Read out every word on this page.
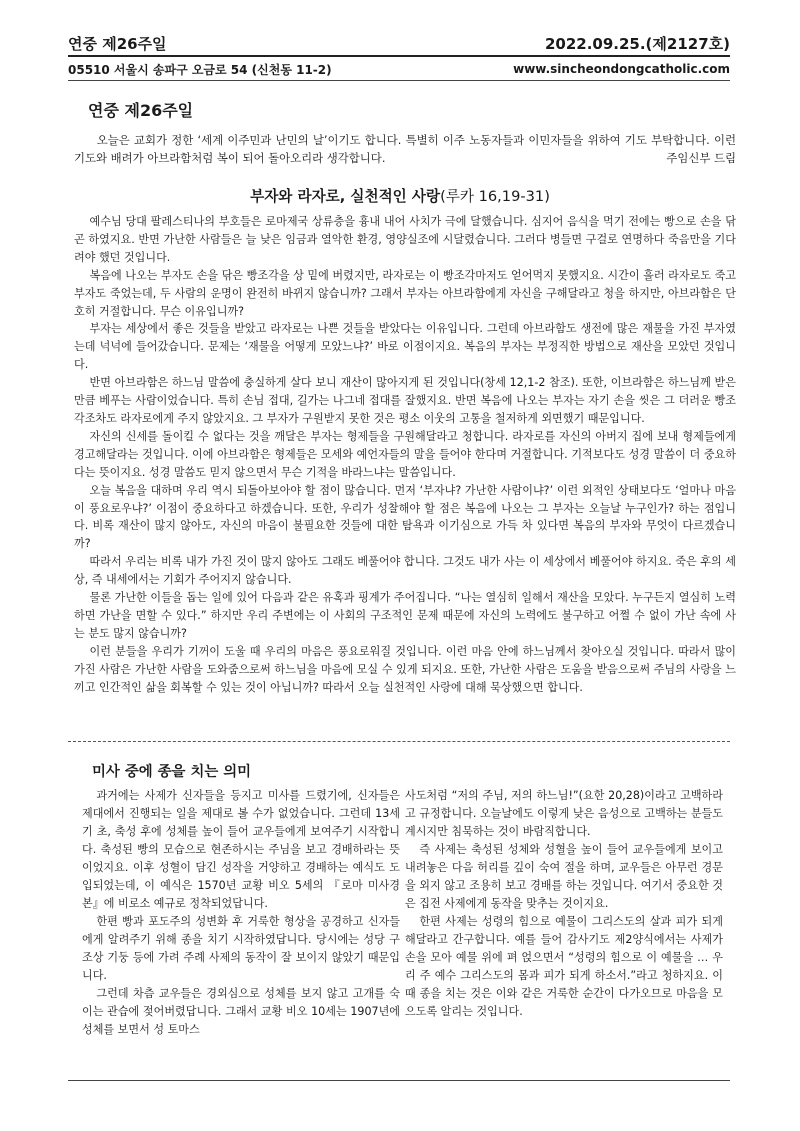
연중 제26주일	2022.09.25.(제2127호)
05510 서울시 송파구 오금로 54 (신천동 11-2)	www.sincheondongcatholic.com
연중 제26주일

오늘은 교회가 정한 ‘세계 이주민과 난민의 날’이기도 합니다. 특별히 이주 노동자들과 이민자들을 위하여 기도 부탁합니다. 이런 기도와 배려가 아브라함처럼 복이 되어 돌아오리라 생각합니다.	주임신부 드림

부자와 라자로, 실천적인 사랑(루카 16,19-31)

예수님 당대 팔레스티나의 부호들은 로마제국 상류층을 흉내 내어 사치가 극에 달했습니다. 심지어 음식을 먹기 전에는 빵으로 손을 닦곤 하였지요. 반면 가난한 사람들은 늘 낮은 임금과 열악한 환경, 영양실조에 시달렸습니다. 그러다 병들면 구걸로 연명하다 죽음만을 기다려야 했던 것입니다.

복음에 나오는 부자도 손을 닦은 빵조각을 상 밑에 버렸지만, 라자로는 이 빵조각마저도 얻어먹지 못했지요. 시간이 흘러 라자로도 죽고 부자도 죽었는데, 두 사람의 운명이 완전히 바뀌지 않습니까? 그래서 부자는 아브라함에게 자신을 구해달라고 청을 하지만, 아브라함은 단호히 거절합니다. 무슨 이유입니까?

부자는 세상에서 좋은 것들을 받았고 라자로는 나쁜 것들을 받았다는 이유입니다. 그런데 아브라함도 생전에 많은 재물을 가진 부자였는데 넉넉에 들어갔습니다. 문제는 ‘재물을 어떻게 모았느냐?’ 바로 이점이지요. 복음의 부자는 부정직한 방법으로 재산을 모았던 것입니다.

반면 아브라함은 하느님 말씀에 충실하게 살다 보니 재산이 많아지게 된 것입니다(창세 12,1-2 참조). 또한, 이브라함은 하느님께 받은 만큼 베푸는 사람이었습니다. 특히 손님 접대, 길가는 나그네 접대를 잘했지요. 반면 복음에 나오는 부자는 자기 손을 씻은 그 더러운 빵조각조차도 라자로에게 주지 않았지요. 그 부자가 구원받지 못한 것은 평소 이웃의 고통을 철저하게 외면했기 때문입니다.

자신의 신세를 돌이킬 수 없다는 것을 깨달은 부자는 형제들을 구원해달라고 청합니다. 라자로를 자신의 아버지 집에 보내 형제들에게 경고해달라는 것입니다. 이에 아브라함은 형제들은 모세와 예언자들의 말을 들어야 한다며 거절합니다. 기적보다도 성경 말씀이 더 중요하다는 뜻이지요. 성경 말씀도 믿지 않으면서 무슨 기적을 바라느냐는 말씀입니다.

오늘 복음을 대하며 우리 역시 되돌아보아야 할 점이 많습니다. 먼저 ‘부자냐? 가난한 사람이냐?’ 이런 외적인 상태보다도 ‘얼마나 마음이 풍요로우냐?’ 이점이 중요하다고 하겠습니다. 또한, 우리가 성찰해야 할 점은 복음에 나오는 그 부자는 오늘날 누구인가? 하는 점입니다. 비록 재산이 많지 않아도, 자신의 마음이 불필요한 것들에 대한 탐욕과 이기심으로 가득 차 있다면 복음의 부자와 무엇이 다르겠습니까?

따라서 우리는 비록 내가 가진 것이 많지 않아도 그래도 베풀어야 합니다. 그것도 내가 사는 이 세상에서 베풀어야 하지요. 죽은 후의 세상, 즉 내세에서는 기회가 주어지지 않습니다.

물론 가난한 이들을 돕는 일에 있어 다음과 같은 유혹과 핑계가 주어집니다. “나는 열심히 일해서 재산을 모았다. 누구든지 열심히 노력하면 가난을 면할 수 있다.” 하지만 우리 주변에는 이 사회의 구조적인 문제 때문에 자신의 노력에도 불구하고 어쩔 수 없이 가난 속에 사는 분도 많지 않습니까?

이런 분들을 우리가 기꺼이 도울 때 우리의 마음은 풍요로워질 것입니다. 이런 마음 안에 하느님께서 찾아오실 것입니다. 따라서 많이 가진 사람은 가난한 사람을 도와줌으로써 하느님을 마음에 모실 수 있게 되지요. 또한, 가난한 사람은 도움을 받음으로써 주님의 사랑을 느끼고 인간적인 삶을 회복할 수 있는 것이 아닙니까? 따라서 오늘 실천적인 사랑에 대해 묵상했으면 합니다.

미사 중에 종을 치는 의미

과거에는 사제가 신자들을 등지고 미사를 드렸기에, 신자들은 제대에서 진행되는 일을 제대로 볼 수가 없었습니다. 그런데 13세기 초, 축성 후에 성체를 높이 들어 교우들에게 보여주기 시작합니다. 축성된 빵의 모습으로 현존하시는 주님을 보고 경배하라는 뜻이었지요. 이후 성혈이 담긴 성작을 거양하고 경배하는 예식도 도입되었는데, 이 예식은 1570년 교황 비오 5세의 『로마 미사경본』에 비로소 예규로 정착되었답니다.

한편 빵과 포도주의 성변화 후 거룩한 형상을 공경하고 신자들에게 알려주기 위해 종을 치기 시작하였답니다. 당시에는 성당 구조상 기둥 등에 가려 주례 사제의 동작이 잘 보이지 않았기 때문입니다.

그런데 차츰 교우들은 경외심으로 성체를 보지 않고 고개를 숙이는 관습에 젖어버렸답니다. 그래서 교황 비오 10세는 1907년에 성체를 보면서 성 토마스

사도처럼 “저의 주님, 저의 하느님!”(요한 20,28)이라고 고백하라고 규정합니다. 오늘날에도 이렇게 낮은 음성으로 고백하는 분들도 계시지만 침묵하는 것이 바람직합니다.

즉 사제는 축성된 성체와 성혈을 높이 들어 교우들에게 보이고 내려놓은 다음 허리를 깊이 숙여 절을 하며, 교우들은 아무런 경문을 외지 않고 조용히 보고 경배를 하는 것입니다. 여기서 중요한 것은 집전 사제에게 동작을 맞추는 것이지요.

한편 사제는 성령의 힘으로 예물이 그리스도의 살과 피가 되게 해달라고 간구합니다. 예를 들어 감사기도 제2양식에서는 사제가 손을 모아 예물 위에 펴 얹으면서 “성령의 힘으로 이 예물을 … 우리 주 예수 그리스도의 몸과 피가 되게 하소서.”라고 청하지요. 이때 종을 치는 것은 이와 같은 거룩한 순간이 다가오므로 마음을 모으도록 알리는 것입니다.
